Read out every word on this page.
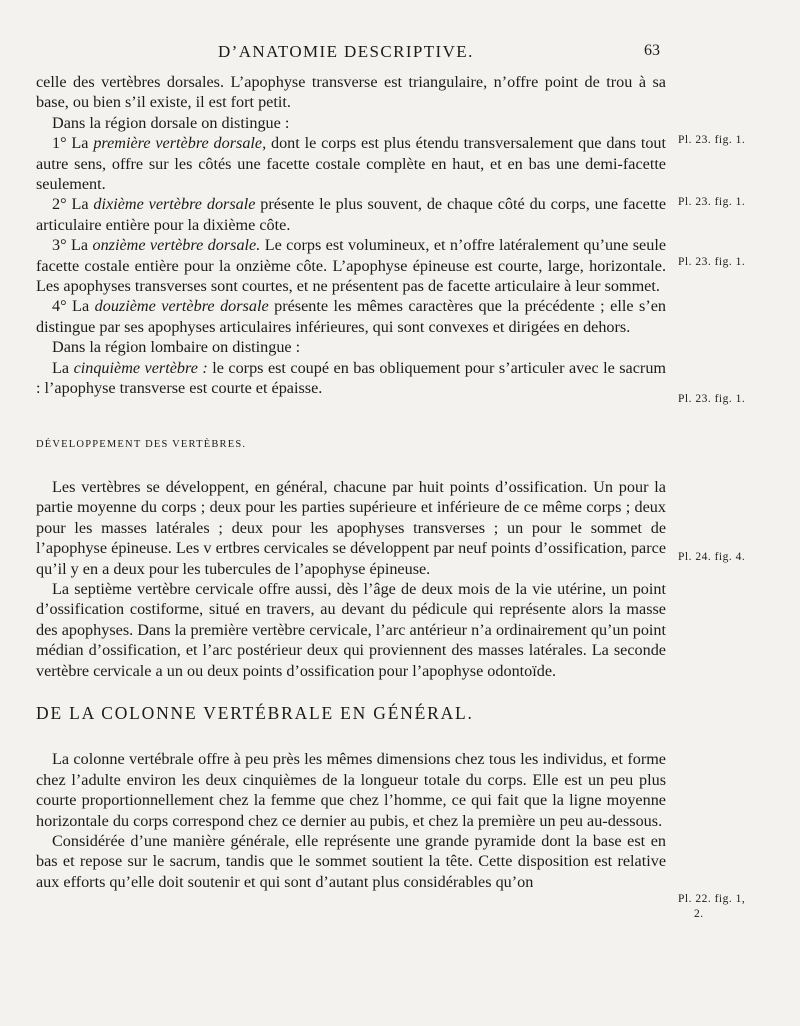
D’ANATOMIE DESCRIPTIVE.	63

celle des vertèbres dorsales. L’apophyse transverse est triangulaire, n’offre point de trou à sa base, ou bien s’il existe, il est fort petit.

Dans la région dorsale on distingue :

1° La première vertèbre dorsale, dont le corps est plus étendu transversalement que dans tout autre sens, offre sur les côtés une facette costale complète en haut, et en bas une demi-facette seulement.

2° La dixième vertèbre dorsale présente le plus souvent, de chaque côté du corps, une facette articulaire entière pour la dixième côte.

3° La onzième vertèbre dorsale. Le corps est volumineux, et n’offre latéralement qu’une seule facette costale entière pour la onzième côte. L’apophyse épineuse est courte, large, horizontale. Les apophyses transverses sont courtes, et ne présentent pas de facette articulaire à leur sommet.

4° La douzième vertèbre dorsale présente les mêmes caractères que la précédente ; elle s’en distingue par ses apophyses articulaires inférieures, qui sont convexes et dirigées en dehors.

Dans la région lombaire on distingue :

La cinquième vertèbre : le corps est coupé en bas obliquement pour s’articuler avec le sacrum : l’apophyse transverse est courte et épaisse.

DÉVELOPPEMENT DES VERTÈBRES.

Les vertèbres se développent, en général, chacune par huit points d’ossification. Un pour la partie moyenne du corps ; deux pour les parties supérieure et inférieure de ce même corps ; deux pour les masses latérales ; deux pour les apophyses transverses ; un pour le sommet de l’apophyse épineuse. Les v ertbres cervicales se développent par neuf points d’ossification, parce qu’il y en a deux pour les tubercules de l’apophyse épineuse.

La septième vertèbre cervicale offre aussi, dès l’âge de deux mois de la vie utérine, un point d’ossification costiforme, situé en travers, au devant du pédicule qui représente alors la masse des apophyses. Dans la première vertèbre cervicale, l’arc antérieur n’a ordinairement qu’un point médian d’ossification, et l’arc postérieur deux qui proviennent des masses latérales. La seconde vertèbre cervicale a un ou deux points d’ossification pour l’apophyse odontoïde.

DE LA COLONNE VERTÉBRALE EN GÉNÉRAL.

La colonne vertébrale offre à peu près les mêmes dimensions chez tous les individus, et forme chez l’adulte environ les deux cinquièmes de la longueur totale du corps. Elle est un peu plus courte proportionnellement chez la femme que chez l’homme, ce qui fait que la ligne moyenne horizontale du corps correspond chez ce dernier au pubis, et chez la première un peu au-dessous.

Considérée d’une manière générale, elle représente une grande pyramide dont la base est en bas et repose sur le sacrum, tandis que le sommet soutient la tête. Cette disposition est relative aux efforts qu’elle doit soutenir et qui sont d’autant plus considérables qu’on

Pl. 23. fig. 1.
Pl. 23. fig. 1.
Pl. 23. fig. 1.
Pl. 23. fig. 1.
Pl. 24. fig. 4.
Pl. 22. fig. 1,
2.
